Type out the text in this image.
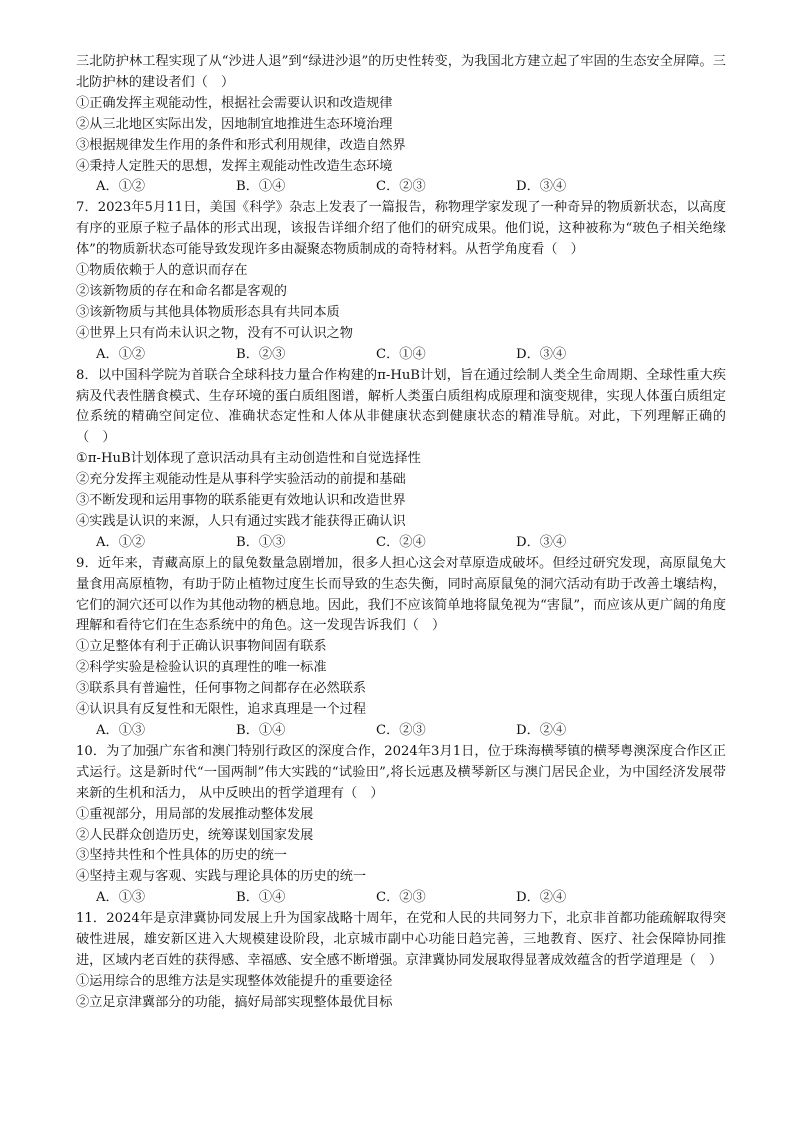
三北防护林工程实现了从“沙进人退”到“绿进沙退”的历史性转变，为我国北方建立起了牢固的生态安全屏障。三北防护林的建设者们（　）

①正确发挥主观能动性，根据社会需要认识和改造规律

②从三北地区实际出发，因地制宜地推进生态环境治理

③根据规律发生作用的条件和形式利用规律，改造自然界

④秉持人定胜天的思想，发挥主观能动性改造生态环境

A．①②	B．①④	C．②③	D．③④

7．2023年5月11日，美国《科学》杂志上发表了一篇报告，称物理学家发现了一种奇异的物质新状态，以高度有序的亚原子粒子晶体的形式出现，该报告详细介绍了他们的研究成果。他们说，这种被称为“玻色子相关绝缘体”的物质新状态可能导致发现许多由凝聚态物质制成的奇特材料。从哲学角度看（　）

①物质依赖于人的意识而存在

②该新物质的存在和命名都是客观的

③该新物质与其他具体物质形态具有共同本质

④世界上只有尚未认识之物，没有不可认识之物

A．①②	B．②③	C．①④	D．③④

8．以中国科学院为首联合全球科技力量合作构建的π-HuB计划，旨在通过绘制人类全生命周期、全球性重大疾病及代表性膳食模式、生存环境的蛋白质组图谱，解析人类蛋白质组构成原理和演变规律，实现人体蛋白质组定位系统的精确空间定位、准确状态定性和人体从非健康状态到健康状态的精准导航。对此，下列理解正确的（　）

①π-HuB计划体现了意识活动具有主动创造性和自觉选择性

②充分发挥主观能动性是从事科学实验活动的前提和基础

③不断发现和运用事物的联系能更有效地认识和改造世界

④实践是认识的来源，人只有通过实践才能获得正确认识

A．①②	B．①③	C．②④	D．③④

9．近年来，青藏高原上的鼠兔数量急剧增加，很多人担心这会对草原造成破坏。但经过研究发现，高原鼠兔大量食用高原植物，有助于防止植物过度生长而导致的生态失衡，同时高原鼠兔的洞穴活动有助于改善土壤结构，它们的洞穴还可以作为其他动物的栖息地。因此，我们不应该简单地将鼠兔视为“害鼠”，而应该从更广阔的角度理解和看待它们在生态系统中的角色。这一发现告诉我们（　）

①立足整体有利于正确认识事物间固有联系

②科学实验是检验认识的真理性的唯一标准

③联系具有普遍性，任何事物之间都存在必然联系

④认识具有反复性和无限性，追求真理是一个过程

A．①③	B．①④	C．②③	D．②④

10．为了加强广东省和澳门特别行政区的深度合作，2024年3月1日，位于珠海横琴镇的横琴粤澳深度合作区正式运行。这是新时代“一国两制”伟大实践的“试验田”,将长远惠及横琴新区与澳门居民企业，为中国经济发展带来新的生机和活力， 从中反映出的哲学道理有（　）

①重视部分，用局部的发展推动整体发展

②人民群众创造历史，统筹谋划国家发展

③坚持共性和个性具体的历史的统一

④坚持主观与客观、实践与理论具体的历史的统一

A．①③	B．①④	C．②③	D．②④

11．2024年是京津冀协同发展上升为国家战略十周年，在党和人民的共同努力下，北京非首都功能疏解取得突破性进展，雄安新区进入大规模建设阶段，北京城市副中心功能日趋完善，三地教育、医疗、社会保障协同推进，区域内老百姓的获得感、幸福感、安全感不断增强。京津冀协同发展取得显著成效蕴含的哲学道理是（　）

①运用综合的思维方法是实现整体效能提升的重要途径

②立足京津冀部分的功能，搞好局部实现整体最优目标
